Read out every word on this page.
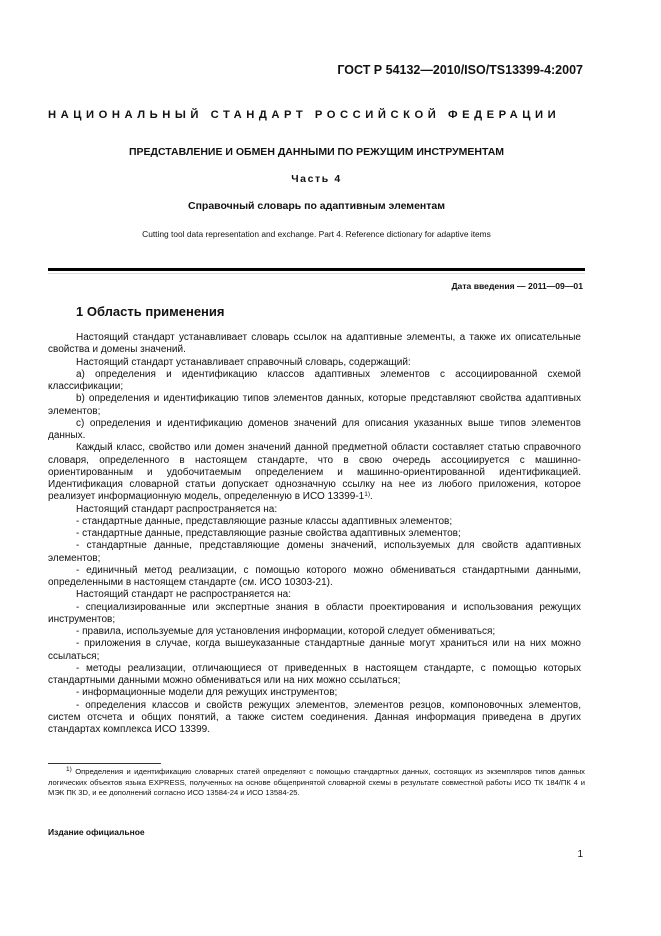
ГОСТ Р 54132—2010/ISO/TS13399-4:2007
НАЦИОНАЛЬНЫЙ СТАНДАРТ РОССИЙСКОЙ ФЕДЕРАЦИИ
ПРЕДСТАВЛЕНИЕ И ОБМЕН ДАННЫМИ ПО РЕЖУЩИМ ИНСТРУМЕНТАМ
Часть 4
Справочный словарь по адаптивным элементам
Cutting tool data representation and exchange. Part 4. Reference dictionary for adaptive items
Дата введения — 2011—09—01
1 Область применения

Настоящий стандарт устанавливает словарь ссылок на адаптивные элементы, а также их описательные свойства и домены значений.

Настоящий стандарт устанавливает справочный словарь, содержащий:

a) определения и идентификацию классов адаптивных элементов с ассоциированной схемой классификации;

b) определения и идентификацию типов элементов данных, которые представляют свойства адаптивных элементов;

c) определения и идентификацию доменов значений для описания указанных выше типов элементов данных.

Каждый класс, свойство или домен значений данной предметной области составляет статью справочного словаря, определенного в настоящем стандарте, что в свою очередь ассоциируется с машинно-ориентированным и удобочитаемым определением и машинно-ориентированной идентификацией. Идентификация словарной статьи допускает однозначную ссылку на нее из любого приложения, которое реализует информационную модель, определенную в ИСО 13399-1$^{1)}$.

Настоящий стандарт распространяется на:

- стандартные данные, представляющие разные классы адаптивных элементов;

- стандартные данные, представляющие разные свойства адаптивных элементов;

- стандартные данные, представляющие домены значений, используемых для свойств адаптивных элементов;

- единичный метод реализации, с помощью которого можно обмениваться стандартными данными, определенными в настоящем стандарте (см. ИСО 10303-21).

Настоящий стандарт не распространяется на:

- специализированные или экспертные знания в области проектирования и использования режущих инструментов;

- правила, используемые для установления информации, которой следует обмениваться;

- приложения в случае, когда вышеуказанные стандартные данные могут храниться или на них можно ссылаться;

- методы реализации, отличающиеся от приведенных в настоящем стандарте, с помощью которых стандартными данными можно обмениваться или на них можно ссылаться;

- информационные модели для режущих инструментов;

- определения классов и свойств режущих элементов, элементов резцов, компоновочных элементов, систем отсчета и общих понятий, а также систем соединения. Данная информация приведена в других стандартах комплекса ИСО 13399.

$^{1)}$ Определения и идентификацию словарных статей определяют с помощью стандартных данных, состоящих из экземпляров типов данных логических объектов языка EXPRESS, полученных на основе общепринятой словарной схемы в результате совместной работы ИСО ТК 184/ПК 4 и МЭК ПК 3D, и ее дополнений согласно ИСО 13584-24 и ИСО 13584-25.

Издание официальное
1
